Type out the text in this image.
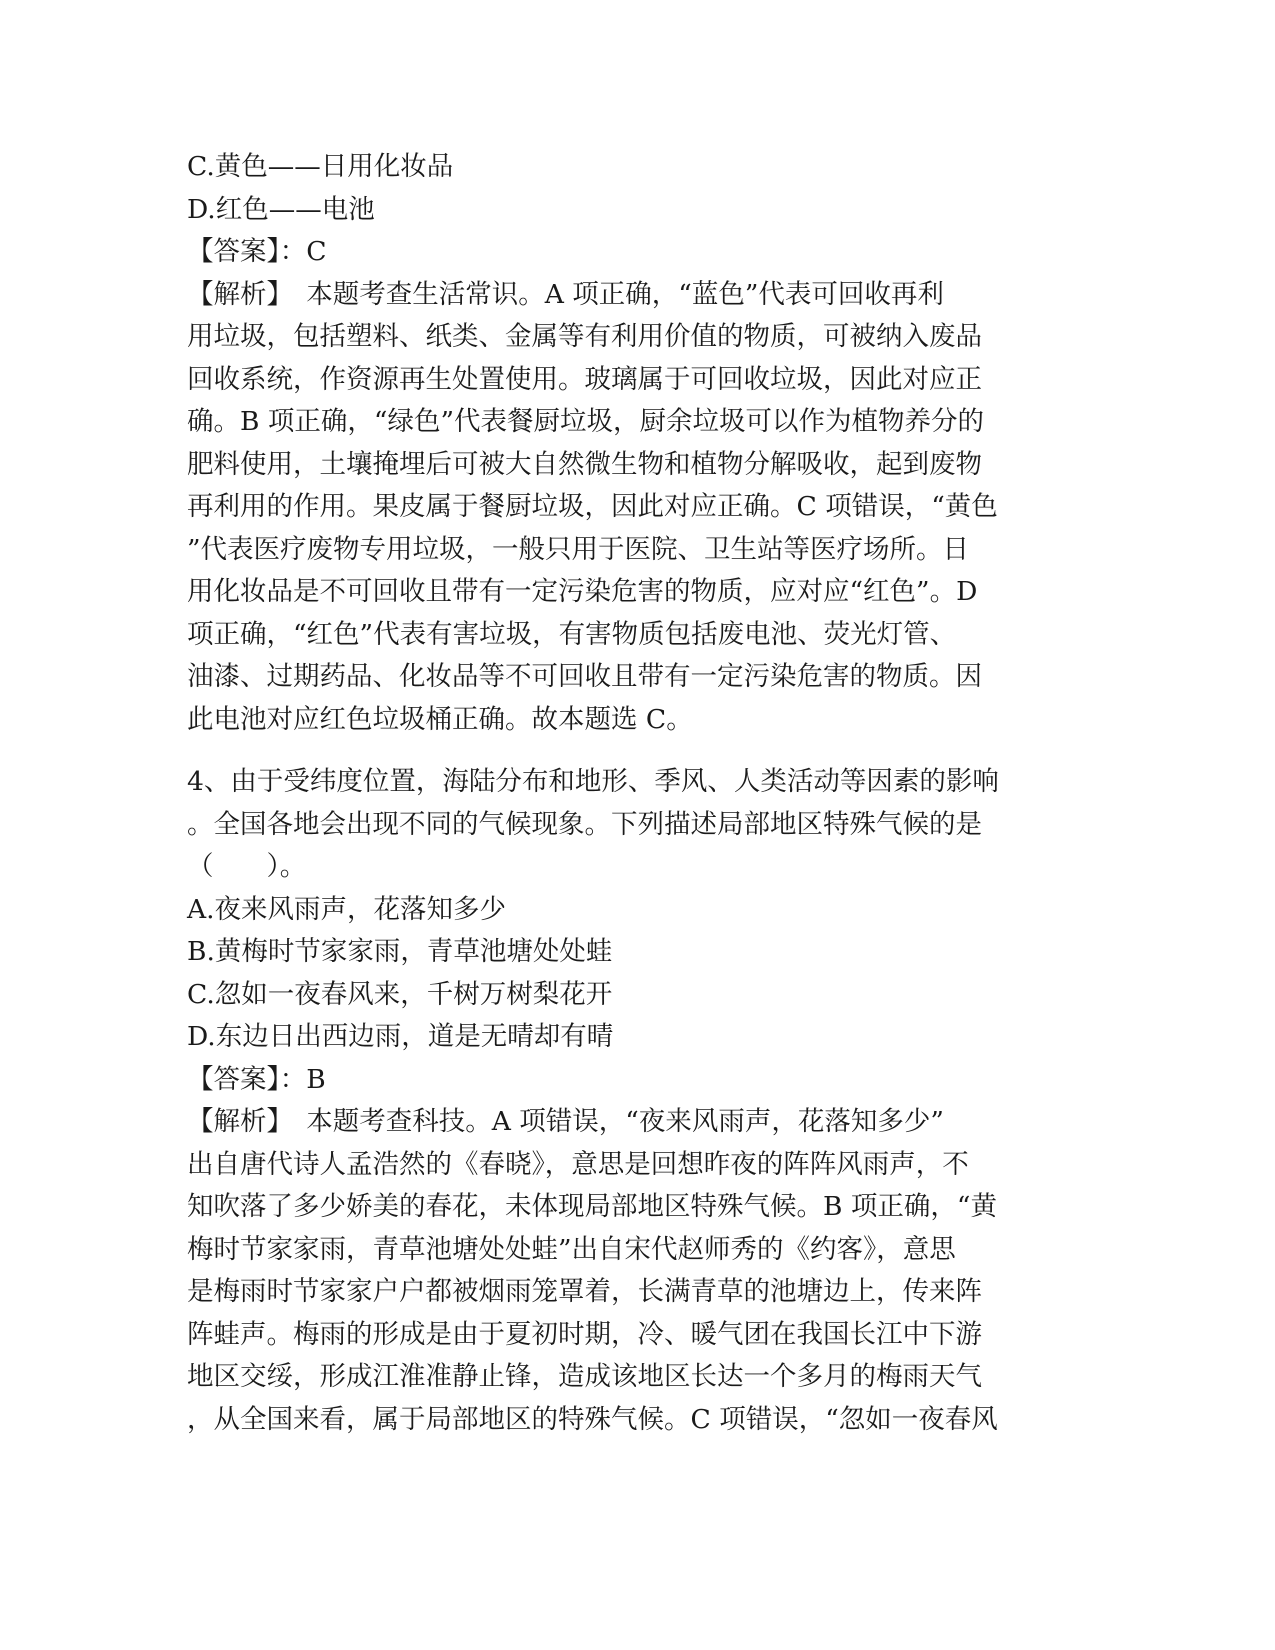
C.黄色——日用化妆品
D.红色——电池
【答案】：C
【解析】　本题考查生活常识。A 项正确，“蓝色”代表可回收再利
用垃圾，包括塑料、纸类、金属等有利用价值的物质，可被纳入废品
回收系统，作资源再生处置使用。玻璃属于可回收垃圾，因此对应正
确。B 项正确，“绿色”代表餐厨垃圾，厨余垃圾可以作为植物养分的
肥料使用，土壤掩埋后可被大自然微生物和植物分解吸收，起到废物
再利用的作用。果皮属于餐厨垃圾，因此对应正确。C 项错误，“黄色
”代表医疗废物专用垃圾，一般只用于医院、卫生站等医疗场所。日
用化妆品是不可回收且带有一定污染危害的物质，应对应“红色”。D
项正确，“红色”代表有害垃圾，有害物质包括废电池、荧光灯管、
油漆、过期药品、化妆品等不可回收且带有一定污染危害的物质。因
此电池对应红色垃圾桶正确。故本题选 C。
4、由于受纬度位置，海陆分布和地形、季风、人类活动等因素的影响
。全国各地会出现不同的气候现象。下列描述局部地区特殊气候的是
（　　）。
A.夜来风雨声，花落知多少
B.黄梅时节家家雨，青草池塘处处蛙
C.忽如一夜春风来，千树万树梨花开
D.东边日出西边雨，道是无晴却有晴
【答案】：B
【解析】　本题考查科技。A 项错误，“夜来风雨声，花落知多少”
出自唐代诗人孟浩然的《春晓》，意思是回想昨夜的阵阵风雨声，不
知吹落了多少娇美的春花，未体现局部地区特殊气候。B 项正确，“黄
梅时节家家雨，青草池塘处处蛙”出自宋代赵师秀的《约客》，意思
是梅雨时节家家户户都被烟雨笼罩着，长满青草的池塘边上，传来阵
阵蛙声。梅雨的形成是由于夏初时期，冷、暖气团在我国长江中下游
地区交绥，形成江淮准静止锋，造成该地区长达一个多月的梅雨天气
，从全国来看，属于局部地区的特殊气候。C 项错误，“忽如一夜春风
